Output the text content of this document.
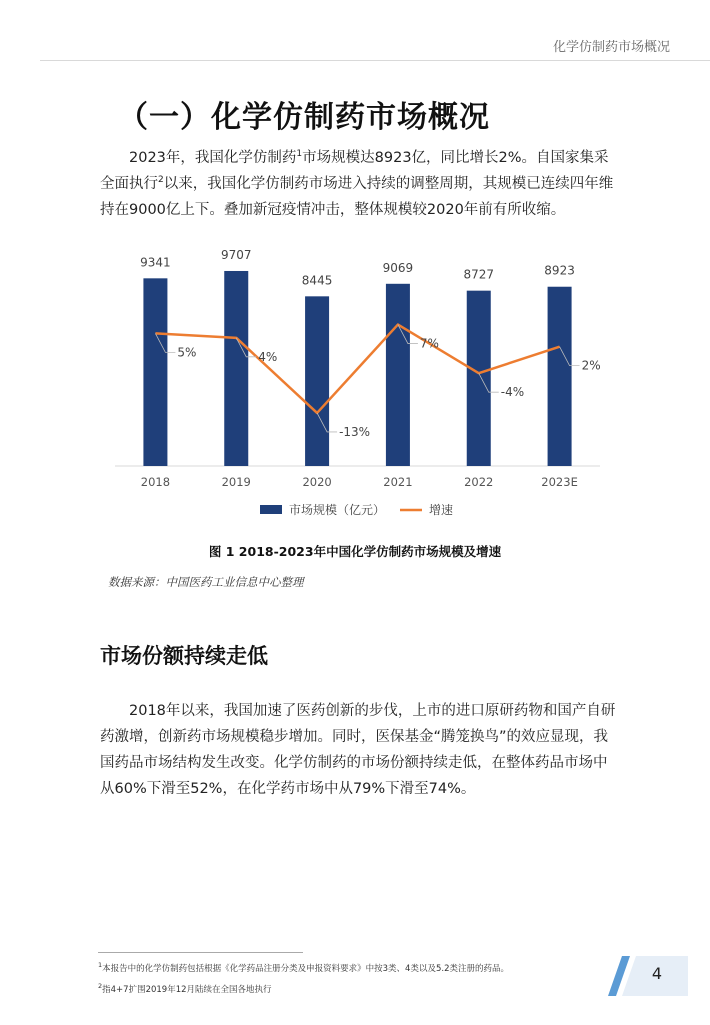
化学仿制药市场概况
（一）化学仿制药市场概况
2023年，我国化学仿制药$^1$市场规模达8923亿，同比增长2%。自国家集采全面执行$^2$以来，我国化学仿制药市场进入持续的调整周期，其规模已连续四年维持在9000亿上下。叠加新冠疫情冲击，整体规模较2020年前有所收缩。
9341
2018
9707
2019
8445
2020
9069
2021
8727
2022
8923
2023E
5%	4%
-13%
7%
-4%
2%
市场规模（亿元）	增速
图 1 2018-2023年中国化学仿制药市场规模及增速
数据来源：中国医药工业信息中心整理
市场份额持续走低
2018年以来，我国加速了医药创新的步伐，上市的进口原研药物和国产自研药激增，创新药市场规模稳步增加。同时，医保基金“腾笼换鸟”的效应显现，我国药品市场结构发生改变。化学仿制药的市场份额持续走低，在整体药品市场中从60%下滑至52%，在化学药市场中从79%下滑至74%。
$^1$本报告中的化学仿制药包括根据《化学药品注册分类及申报资料要求》中按3类、4类以及5.2类注册的药品。
$^2$指4+7扩围2019年12月陆续在全国各地执行
4
